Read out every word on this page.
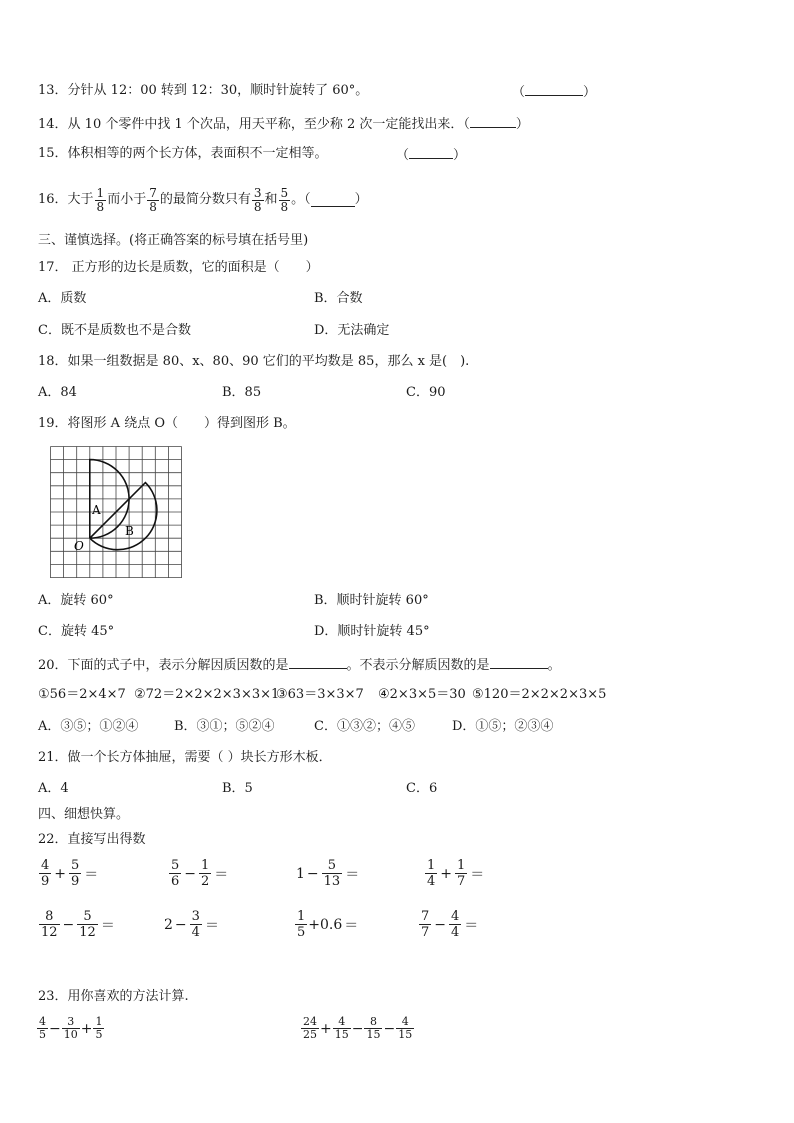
13．分针从 12：00 转到 12：30，顺时针旋转了 60°。	（	）
14．从 10 个零件中找 1 个次品，用天平称，至少称 2 次一定能找出来．（	）
15．体积相等的两个长方体，表面积不一定相等。	（	）
16．大于 $\frac{1}{8}$ 而小于 $\frac{7}{8}$ 的最简分数只有 $\frac{3}{8}$ 和 $\frac{5}{8}$ 。（	）
三、谨慎选择。(将正确答案的标号填在括号里)
17． 正方形的边长是质数，它的面积是（　　）
A．质数	B．合数
C．既不是质数也不是合数	D．无法确定
18．如果一组数据是 80、x、80、90 它们的平均数是 85，那么 x 是(　).
A．84	B．85	C．90
19．将图形 A 绕点 O（　　）得到图形 B。
A
B
O
A．旋转 60°	B．顺时针旋转 60°
C．旋转 45°	D．顺时针旋转 45°
20．下面的式子中，表示分解因质因数的是	。不表示分解质因数的是	。
①56＝2×4×7 ②72＝2×2×2×3×3×1
③63＝3×3×7 ④2×3×5＝30 ⑤120＝2×2×2×3×5
A．③⑤；①②④	B．③①；⑤②④	C．①③②；④⑤	D．①⑤；②③④
21．做一个长方体抽屉，需要（ ）块长方形木板．
A．4	B．5	C．6
四、细想快算。
22．直接写出得数
$\frac{4}{9} + \frac{5}{9}$ ＝	$\frac{5}{6} - \frac{1}{2}$ ＝	$1 - \frac{5}{13}$ ＝	$\frac{1}{4} + \frac{1}{7}$ ＝
$\frac{8}{12} - \frac{5}{12}$ ＝	$2 - \frac{3}{4}$ ＝	$\frac{1}{5} +0.6$ ＝	$\frac{7}{7} - \frac{4}{4}$ ＝
23．用你喜欢的方法计算.
$\frac{4}{5} - \frac{3}{10} + \frac{1}{5}$	$\frac{24}{25} + \frac{4}{15} - \frac{8}{15} - \frac{4}{15}$
